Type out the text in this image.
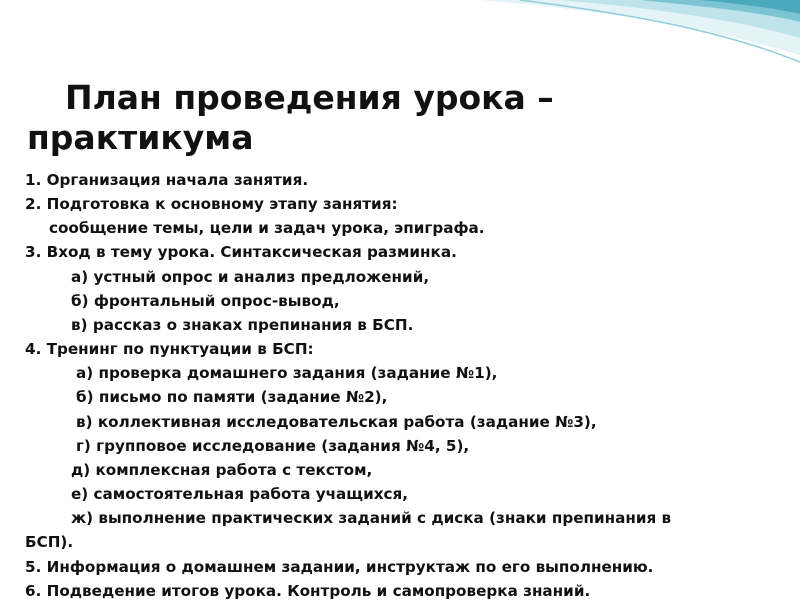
План проведения урока – практикума
1. Организация начала занятия.
2. Подготовка к основному этапу занятия:
сообщение темы, цели и задач урока, эпиграфа.
3. Вход в тему урока. Синтаксическая разминка.
а) устный опрос и анализ предложений,
б) фронтальный опрос-вывод,
в) рассказ о знаках препинания в БСП.
4. Тренинг по пунктуации в БСП:
а) проверка домашнего задания (задание №1),
б) письмо по памяти (задание №2),
в) коллективная исследовательская работа (задание №3),
г) групповое исследование (задания №4, 5),
д) комплексная работа с текстом,
е) самостоятельная работа учащихся,
ж) выполнение практических заданий с диска (знаки препинания в
БСП).
5. Информация о домашнем задании, инструктаж по его выполнению.
6. Подведение итогов урока. Контроль и самопроверка знаний.
